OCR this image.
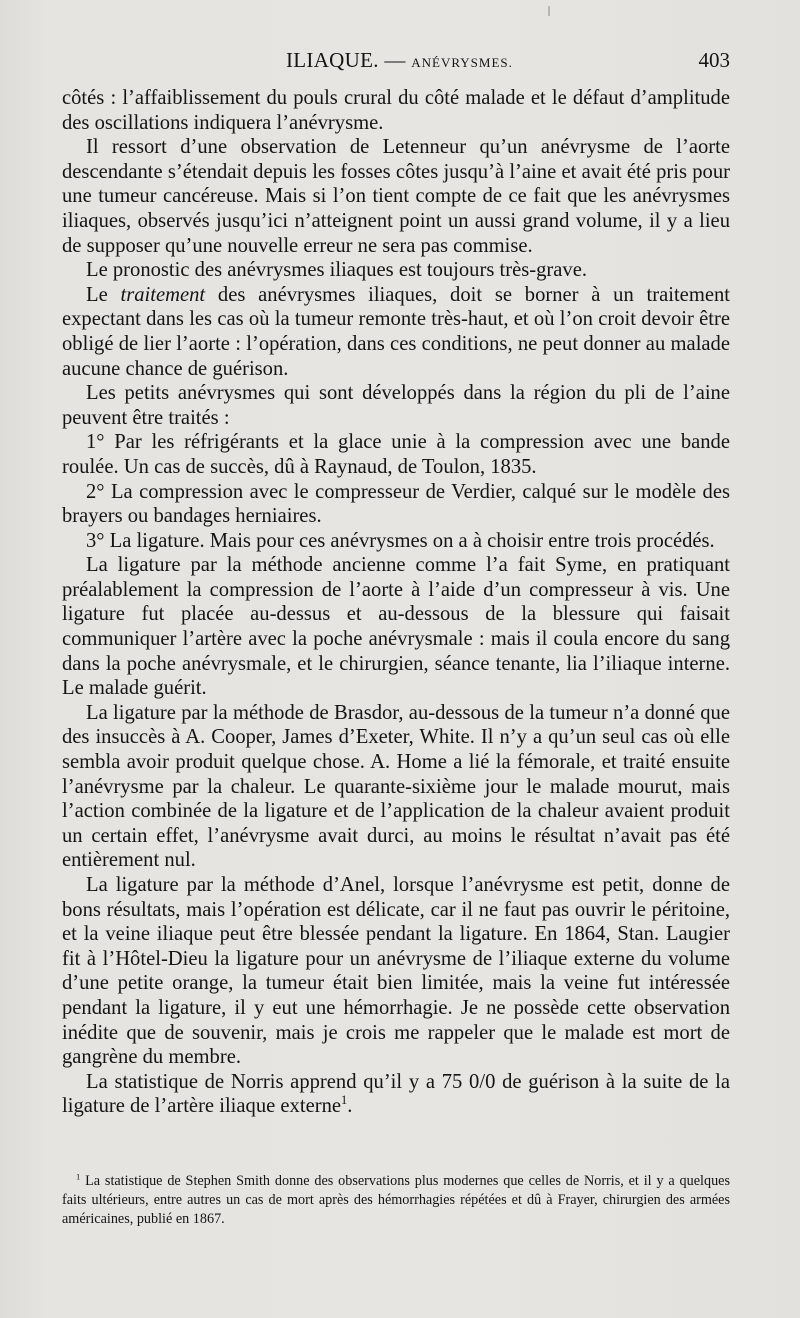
ILIAQUE. — ANÉVRYSMES.	403

côtés : l’affaiblissement du pouls crural du côté malade et le défaut d’amplitude des oscillations indiquera l’anévrysme.

Il ressort d’une observation de Letenneur qu’un anévrysme de l’aorte descendante s’étendait depuis les fosses côtes jusqu’à l’aine et avait été pris pour une tumeur cancéreuse. Mais si l’on tient compte de ce fait que les anévrysmes iliaques, observés jusqu’ici n’atteignent point un aussi grand volume, il y a lieu de supposer qu’une nouvelle erreur ne sera pas commise.

Le pronostic des anévrysmes iliaques est toujours très-grave.

Le traitement des anévrysmes iliaques, doit se borner à un traitement expectant dans les cas où la tumeur remonte très-haut, et où l’on croit devoir être obligé de lier l’aorte : l’opération, dans ces conditions, ne peut donner au malade aucune chance de guérison.

Les petits anévrysmes qui sont développés dans la région du pli de l’aine peuvent être traités :

1° Par les réfrigérants et la glace unie à la compression avec une bande roulée. Un cas de succès, dû à Raynaud, de Toulon, 1835.

2° La compression avec le compresseur de Verdier, calqué sur le modèle des brayers ou bandages herniaires.

3° La ligature. Mais pour ces anévrysmes on a à choisir entre trois procédés.

La ligature par la méthode ancienne comme l’a fait Syme, en pratiquant préalablement la compression de l’aorte à l’aide d’un compresseur à vis. Une ligature fut placée au-dessus et au-dessous de la blessure qui faisait communiquer l’artère avec la poche anévrysmale : mais il coula encore du sang dans la poche anévrysmale, et le chirurgien, séance tenante, lia l’iliaque interne. Le malade guérit.

La ligature par la méthode de Brasdor, au-dessous de la tumeur n’a donné que des insuccès à A. Cooper, James d’Exeter, White. Il n’y a qu’un seul cas où elle sembla avoir produit quelque chose. A. Home a lié la fémorale, et traité ensuite l’anévrysme par la chaleur. Le quarante-sixième jour le malade mourut, mais l’action combinée de la ligature et de l’application de la chaleur avaient produit un certain effet, l’anévrysme avait durci, au moins le résultat n’avait pas été entièrement nul.

La ligature par la méthode d’Anel, lorsque l’anévrysme est petit, donne de bons résultats, mais l’opération est délicate, car il ne faut pas ouvrir le péritoine, et la veine iliaque peut être blessée pendant la ligature. En 1864, Stan. Laugier fit à l’Hôtel-Dieu la ligature pour un anévrysme de l’iliaque externe du volume d’une petite orange, la tumeur était bien limitée, mais la veine fut intéressée pendant la ligature, il y eut une hémorrhagie. Je ne possède cette observation inédite que de souvenir, mais je crois me rappeler que le malade est mort de gangrène du membre.

La statistique de Norris apprend qu’il y a 75 0/0 de guérison à la suite de la ligature de l’artère iliaque externe$^1$.

$^1$ La statistique de Stephen Smith donne des observations plus modernes que celles de Norris, et il y a quelques faits ultérieurs, entre autres un cas de mort après des hémorrhagies répétées et dû à Frayer, chirurgien des armées américaines, publié en 1867.
